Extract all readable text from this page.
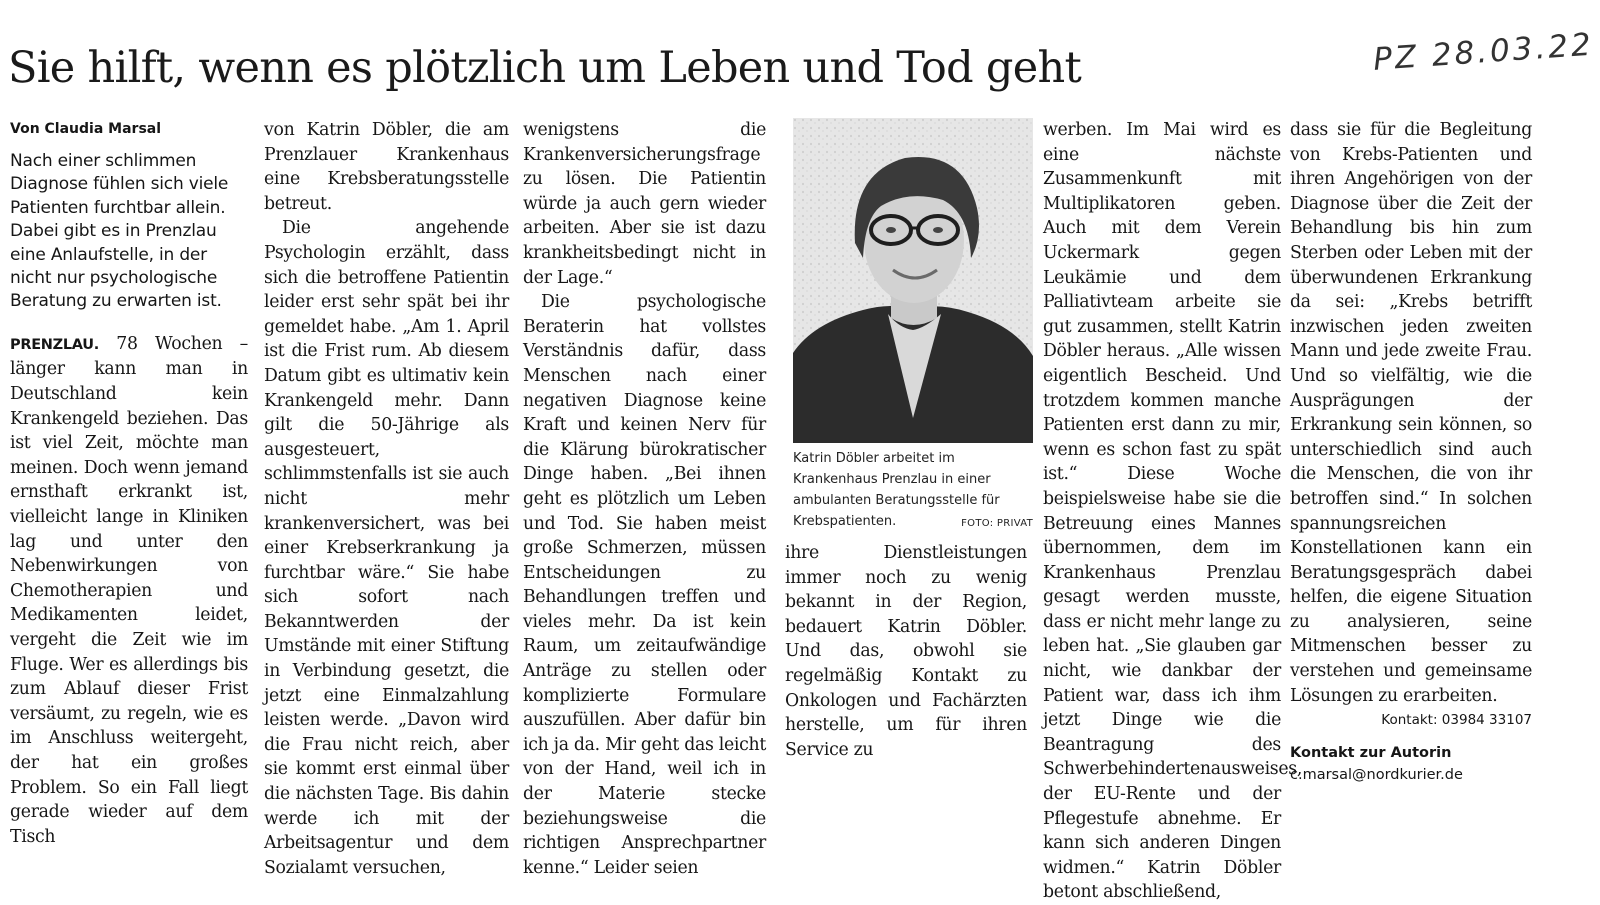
Sie hilft, wenn es plötzlich um Leben und Tod geht	PZ 28.03.22
Von Claudia Marsal

Nach einer schlimmen Diagnose fühlen sich viele Patienten furchtbar allein. Dabei gibt es in Prenzlau eine Anlaufstelle, in der nicht nur psychologische Beratung zu erwarten ist.

PRENZLAU. 78 Wochen – länger kann man in Deutschland kein Krankengeld beziehen. Das ist viel Zeit, möchte man meinen. Doch wenn jemand ernsthaft erkrankt ist, vielleicht lange in Kliniken lag und unter den Nebenwirkungen von Chemotherapien und Medikamenten leidet, vergeht die Zeit wie im Fluge. Wer es allerdings bis zum Ablauf dieser Frist versäumt, zu regeln, wie es im Anschluss weitergeht, der hat ein großes Problem. So ein Fall liegt gerade wieder auf dem Tisch

von Katrin Döbler, die am Prenzlauer Krankenhaus eine Krebsberatungsstelle betreut.

Die angehende Psychologin erzählt, dass sich die betroffene Patientin leider erst sehr spät bei ihr gemeldet habe. „Am 1. April ist die Frist rum. Ab diesem Datum gibt es ultimativ kein Krankengeld mehr. Dann gilt die 50-Jährige als ausgesteuert, schlimmstenfalls ist sie auch nicht mehr krankenversichert, was bei einer Krebserkrankung ja furchtbar wäre.“ Sie habe sich sofort nach Bekanntwerden der Umstände mit einer Stiftung in Verbindung gesetzt, die jetzt eine Einmalzahlung leisten werde. „Davon wird die Frau nicht reich, aber sie kommt erst einmal über die nächsten Tage. Bis dahin werde ich mit der Arbeitsagentur und dem Sozialamt versuchen,

wenigstens die Krankenversicherungsfrage zu lösen. Die Patientin würde ja auch gern wieder arbeiten. Aber sie ist dazu krankheitsbedingt nicht in der Lage.“

Die psychologische Beraterin hat vollstes Verständnis dafür, dass Menschen nach einer negativen Diagnose keine Kraft und keinen Nerv für die Klärung bürokratischer Dinge haben. „Bei ihnen geht es plötzlich um Leben und Tod. Sie haben meist große Schmerzen, müssen Entscheidungen zu Behandlungen treffen und vieles mehr. Da ist kein Raum, um zeitaufwändige Anträge zu stellen oder komplizierte Formulare auszufüllen. Aber dafür bin ich ja da. Mir geht das leicht von der Hand, weil ich in der Materie stecke beziehungsweise die richtigen Ansprechpartner kenne.“ Leider seien

Katrin Döbler arbeitet im Krankenhaus Prenzlau in einer ambulanten Beratungsstelle für Krebspatienten.	FOTO: PRIVAT

ihre Dienstleistungen immer noch zu wenig bekannt in der Region, bedauert Katrin Döbler. Und das, obwohl sie regelmäßig Kontakt zu Onkologen und Fachärzten herstelle, um für ihren Service zu

werben. Im Mai wird es eine nächste Zusammenkunft mit Multiplikatoren geben. Auch mit dem Verein Uckermark gegen Leukämie und dem Palliativteam arbeite sie gut zusammen, stellt Katrin Döbler heraus. „Alle wissen eigentlich Bescheid. Und trotzdem kommen manche Patienten erst dann zu mir, wenn es schon fast zu spät ist.“ Diese Woche beispielsweise habe sie die Betreuung eines Mannes übernommen, dem im Krankenhaus Prenzlau gesagt werden musste, dass er nicht mehr lange zu leben hat. „Sie glauben gar nicht, wie dankbar der Patient war, dass ich ihm jetzt Dinge wie die Beantragung des Schwerbehindertenausweises, der EU-Rente und der Pflegestufe abnehme. Er kann sich anderen Dingen widmen.“ Katrin Döbler betont abschließend,

dass sie für die Begleitung von Krebs-Patienten und ihren Angehörigen von der Diagnose über die Zeit der Behandlung bis hin zum Sterben oder Leben mit der überwundenen Erkrankung da sei: „Krebs betrifft inzwischen jeden zweiten Mann und jede zweite Frau. Und so vielfältig, wie die Ausprägungen der Erkrankung sein können, so unterschiedlich sind auch die Menschen, die von ihr betroffen sind.“ In solchen spannungsreichen Konstellationen kann ein Beratungsgespräch dabei helfen, die eigene Situation zu analysieren, seine Mitmenschen besser zu verstehen und gemeinsame Lösungen zu erarbeiten.

Kontakt: 03984 33107
Kontakt zur Autorin
c.marsal@nordkurier.de
